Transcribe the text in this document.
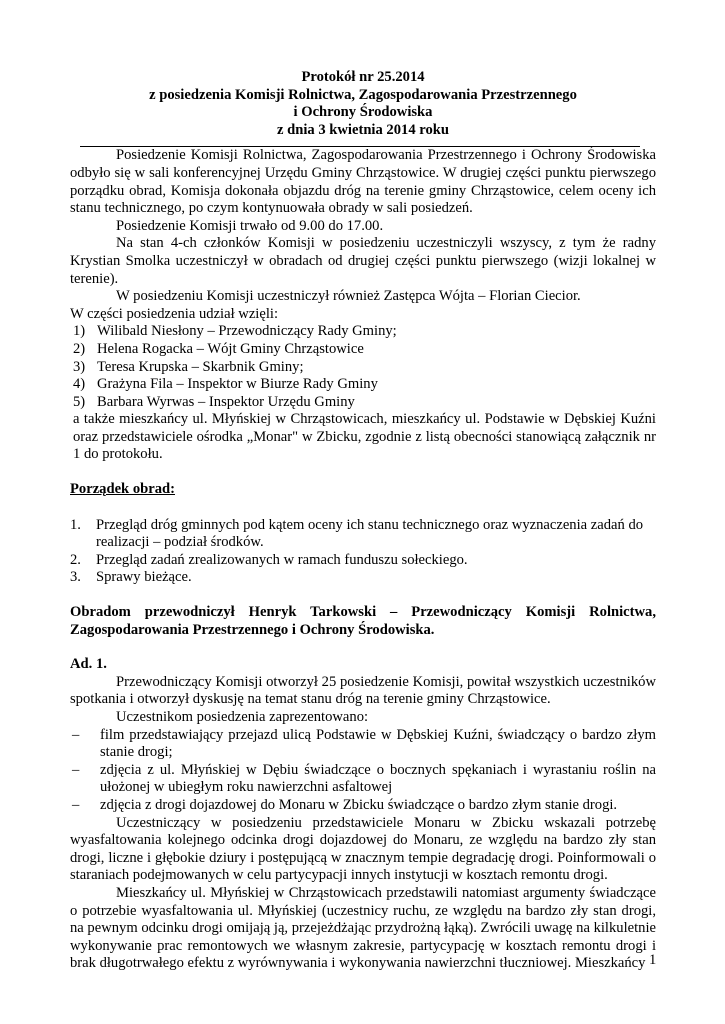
Protokół nr 25.2014
z posiedzenia Komisji Rolnictwa, Zagospodarowania Przestrzennego
i Ochrony Środowiska
z dnia 3 kwietnia 2014 roku

Posiedzenie Komisji Rolnictwa, Zagospodarowania Przestrzennego i Ochrony Środowiska odbyło się w sali konferencyjnej Urzędu Gminy Chrząstowice. W drugiej części punktu pierwszego porządku obrad, Komisja dokonała objazdu dróg na terenie gminy Chrząstowice, celem oceny ich stanu technicznego, po czym kontynuowała obrady w sali posiedzeń.

Posiedzenie Komisji trwało od 9.00 do 17.00.

Na stan 4-ch członków Komisji w posiedzeniu uczestniczyli wszyscy, z tym że radny Krystian Smolka uczestniczył w obradach od drugiej części punktu pierwszego (wizji lokalnej w terenie).

W posiedzeniu Komisji uczestniczył również Zastępca Wójta – Florian Ciecior.

W części posiedzenia udział wzięli:

1) Wilibald Niesłony – Przewodniczący Rady Gminy;
2) Helena Rogacka – Wójt Gminy Chrząstowice
3) Teresa Krupska – Skarbnik Gminy;
4) Grażyna Fila – Inspektor w Biurze Rady Gminy
5) Barbara Wyrwas – Inspektor Urzędu Gminy

a także mieszkańcy ul. Młyńskiej w Chrząstowicach, mieszkańcy ul. Podstawie w Dębskiej Kuźni oraz przedstawiciele ośrodka „Monar" w Zbicku, zgodnie z listą obecności stanowiącą załącznik nr 1 do protokołu.

Porządek obrad:
1. Przegląd dróg gminnych pod kątem oceny ich stanu technicznego oraz wyznaczenia zadań do realizacji – podział środków.
2. Przegląd zadań zrealizowanych w ramach funduszu sołeckiego.
3. Sprawy bieżące.

Obradom przewodniczył Henryk Tarkowski – Przewodniczący Komisji Rolnictwa, Zagospodarowania Przestrzennego i Ochrony Środowiska.

Ad. 1.

Przewodniczący Komisji otworzył 25 posiedzenie Komisji, powitał wszystkich uczestników spotkania i otworzył dyskusję na temat stanu dróg na terenie gminy Chrząstowice.

Uczestnikom posiedzenia zaprezentowano:

– film przedstawiający przejazd ulicą Podstawie w Dębskiej Kuźni, świadczący o bardzo złym stanie drogi;
– zdjęcia z ul. Młyńskiej w Dębiu świadczące o bocznych spękaniach i wyrastaniu roślin na ułożonej w ubiegłym roku nawierzchni asfaltowej
– zdjęcia z drogi dojazdowej do Monaru w Zbicku świadczące o bardzo złym stanie drogi.

Uczestniczący w posiedzeniu przedstawiciele Monaru w Zbicku wskazali potrzebę wyasfaltowania kolejnego odcinka drogi dojazdowej do Monaru, ze względu na bardzo zły stan drogi, liczne i głębokie dziury i postępującą w znacznym tempie degradację drogi. Poinformowali o staraniach podejmowanych w celu partycypacji innych instytucji w kosztach remontu drogi.

Mieszkańcy ul. Młyńskiej w Chrząstowicach przedstawili natomiast argumenty świadczące o potrzebie wyasfaltowania ul. Młyńskiej (uczestnicy ruchu, ze względu na bardzo zły stan drogi, na pewnym odcinku drogi omijają ją, przejeżdżając przydrożną łąką). Zwrócili uwagę na kilkuletnie wykonywanie prac remontowych we własnym zakresie, partycypację w kosztach remontu drogi i brak długotrwałego efektu z wyrównywania i wykonywania nawierzchni tłuczniowej. Mieszkańcy 1
